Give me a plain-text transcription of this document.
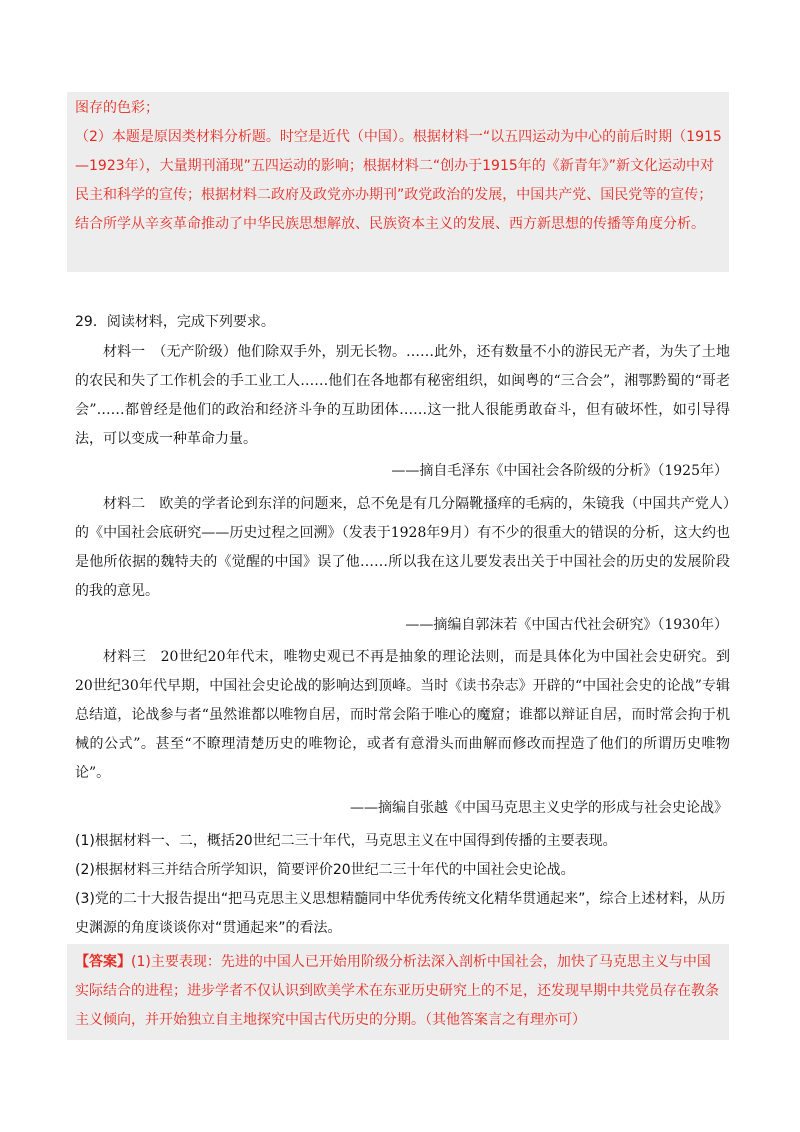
图存的色彩；

（2）本题是原因类材料分析题。时空是近代（中国）。根据材料一“以五四运动为中心的前后时期（1915—1923年），大量期刊涌现”五四运动的影响；根据材料二“创办于1915年的《新青年》”新文化运动中对民主和科学的宣传；根据材料二政府及政党亦办期刊”政党政治的发展，中国共产党、国民党等的宣传；结合所学从辛亥革命推动了中华民族思想解放、民族资本主义的发展、西方新思想的传播等角度分析。

29．阅读材料，完成下列要求。

材料一　（无产阶级）他们除双手外，别无长物。……此外，还有数量不小的游民无产者，为失了土地的农民和失了工作机会的手工业工人……他们在各地都有秘密组织，如闽粤的“三合会”，湘鄂黔蜀的“哥老会”……都曾经是他们的政治和经济斗争的互助团体……这一批人很能勇敢奋斗，但有破坏性，如引导得法，可以变成一种革命力量。

——摘自毛泽东《中国社会各阶级的分析》（1925年）

材料二　欧美的学者论到东洋的问题来，总不免是有几分隔靴搔痒的毛病的，朱镜我（中国共产党人）的《中国社会底研究——历史过程之回溯》（发表于1928年9月）有不少的很重大的错误的分析，这大约也是他所依据的魏特夫的《觉醒的中国》误了他……所以我在这儿要发表出关于中国社会的历史的发展阶段的我的意见。

——摘编自郭沫若《中国古代社会研究》（1930年）

材料三　20世纪20年代末，唯物史观已不再是抽象的理论法则，而是具体化为中国社会史研究。到20世纪30年代早期，中国社会史论战的影响达到顶峰。当时《读书杂志》开辟的“中国社会史的论战”专辑总结道，论战参与者“虽然谁都以唯物自居，而时常会陷于唯心的魔窟；谁都以辩证自居，而时常会拘于机械的公式”。甚至“不瞭理清楚历史的唯物论，或者有意滑头而曲解而修改而捏造了他们的所谓历史唯物论”。

——摘编自张越《中国马克思主义史学的形成与社会史论战》
(1)根据材料一、二，概括20世纪二三十年代，马克思主义在中国得到传播的主要表现。
(2)根据材料三并结合所学知识，简要评价20世纪二三十年代的中国社会史论战。
(3)党的二十大报告提出“把马克思主义思想精髓同中华优秀传统文化精华贯通起来”，综合上述材料，从历史渊源的角度谈谈你对“贯通起来”的看法。
【答案】(1)主要表现：先进的中国人已开始用阶级分析法深入剖析中国社会，加快了马克思主义与中国实际结合的进程；进步学者不仅认识到欧美学术在东亚历史研究上的不足，还发现早期中共党员存在教条主义倾向，并开始独立自主地探究中国古代历史的分期。（其他答案言之有理亦可）
